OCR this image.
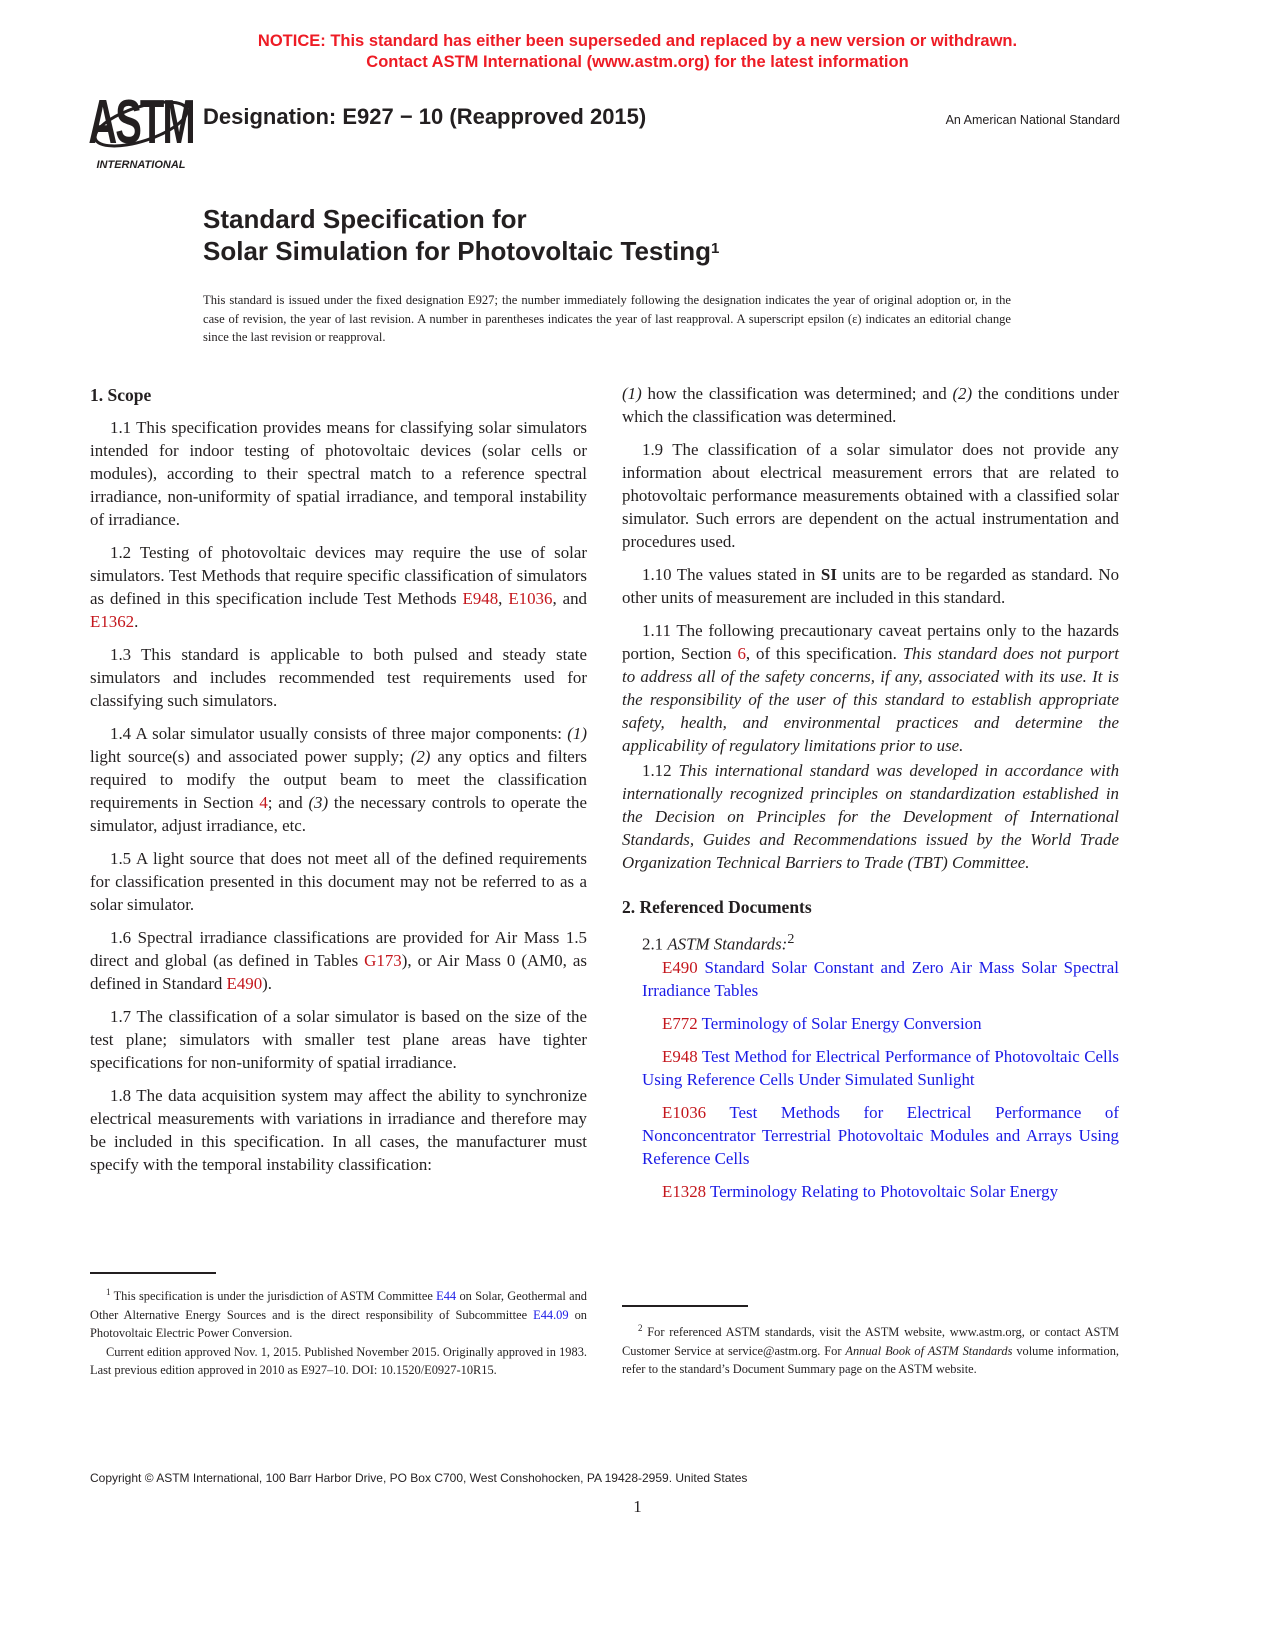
NOTICE: This standard has either been superseded and replaced by a new version or withdrawn.
Contact ASTM International (www.astm.org) for the latest information
ASTM
INTERNATIONAL
Designation: E927 − 10 (Reapproved 2015)	An American National Standard
Standard Specification for
Solar Simulation for Photovoltaic Testing$^1$
This standard is issued under the fixed designation E927; the number immediately following the designation indicates the year of original adoption or, in the case of revision, the year of last revision. A number in parentheses indicates the year of last reapproval. A superscript epsilon (ε) indicates an editorial change since the last revision or reapproval.
1. Scope

1.1 This specification provides means for classifying solar simulators intended for indoor testing of photovoltaic devices (solar cells or modules), according to their spectral match to a reference spectral irradiance, non-uniformity of spatial irradiance, and temporal instability of irradiance.

1.2 Testing of photovoltaic devices may require the use of solar simulators. Test Methods that require specific classification of simulators as defined in this specification include Test Methods E948, E1036, and E1362.

1.3 This standard is applicable to both pulsed and steady state simulators and includes recommended test requirements used for classifying such simulators.

1.4 A solar simulator usually consists of three major components: (1) light source(s) and associated power supply; (2) any optics and filters required to modify the output beam to meet the classification requirements in Section 4; and (3) the necessary controls to operate the simulator, adjust irradiance, etc.

1.5 A light source that does not meet all of the defined requirements for classification presented in this document may not be referred to as a solar simulator.

1.6 Spectral irradiance classifications are provided for Air Mass 1.5 direct and global (as defined in Tables G173), or Air Mass 0 (AM0, as defined in Standard E490).

1.7 The classification of a solar simulator is based on the size of the test plane; simulators with smaller test plane areas have tighter specifications for non-uniformity of spatial irradiance.

1.8 The data acquisition system may affect the ability to synchronize electrical measurements with variations in irradiance and therefore may be included in this specification. In all cases, the manufacturer must specify with the temporal instability classification:

(1) how the classification was determined; and (2) the conditions under which the classification was determined.

1.9 The classification of a solar simulator does not provide any information about electrical measurement errors that are related to photovoltaic performance measurements obtained with a classified solar simulator. Such errors are dependent on the actual instrumentation and procedures used.

1.10 The values stated in SI units are to be regarded as standard. No other units of measurement are included in this standard.

1.11 The following precautionary caveat pertains only to the hazards portion, Section 6, of this specification. This standard does not purport to address all of the safety concerns, if any, associated with its use. It is the responsibility of the user of this standard to establish appropriate safety, health, and environmental practices and determine the applicability of regulatory limitations prior to use.

1.12 This international standard was developed in accordance with internationally recognized principles on standardization established in the Decision on Principles for the Development of International Standards, Guides and Recommendations issued by the World Trade Organization Technical Barriers to Trade (TBT) Committee.

2. Referenced Documents

2.1 ASTM Standards:$^2$

E490 Standard Solar Constant and Zero Air Mass Solar Spectral Irradiance Tables

E772 Terminology of Solar Energy Conversion

E948 Test Method for Electrical Performance of Photovoltaic Cells Using Reference Cells Under Simulated Sunlight

E1036 Test Methods for Electrical Performance of Nonconcentrator Terrestrial Photovoltaic Modules and Arrays Using Reference Cells

E1328 Terminology Relating to Photovoltaic Solar Energy

$^1$ This specification is under the jurisdiction of ASTM Committee E44 on Solar, Geothermal and Other Alternative Energy Sources and is the direct responsibility of Subcommittee E44.09 on Photovoltaic Electric Power Conversion.

Current edition approved Nov. 1, 2015. Published November 2015. Originally approved in 1983. Last previous edition approved in 2010 as E927–10. DOI: 10.1520/E0927-10R15.

$^2$ For referenced ASTM standards, visit the ASTM website, www.astm.org, or contact ASTM Customer Service at service@astm.org. For Annual Book of ASTM Standards volume information, refer to the standard’s Document Summary page on the ASTM website.

Copyright © ASTM International, 100 Barr Harbor Drive, PO Box C700, West Conshohocken, PA 19428-2959. United States
1
